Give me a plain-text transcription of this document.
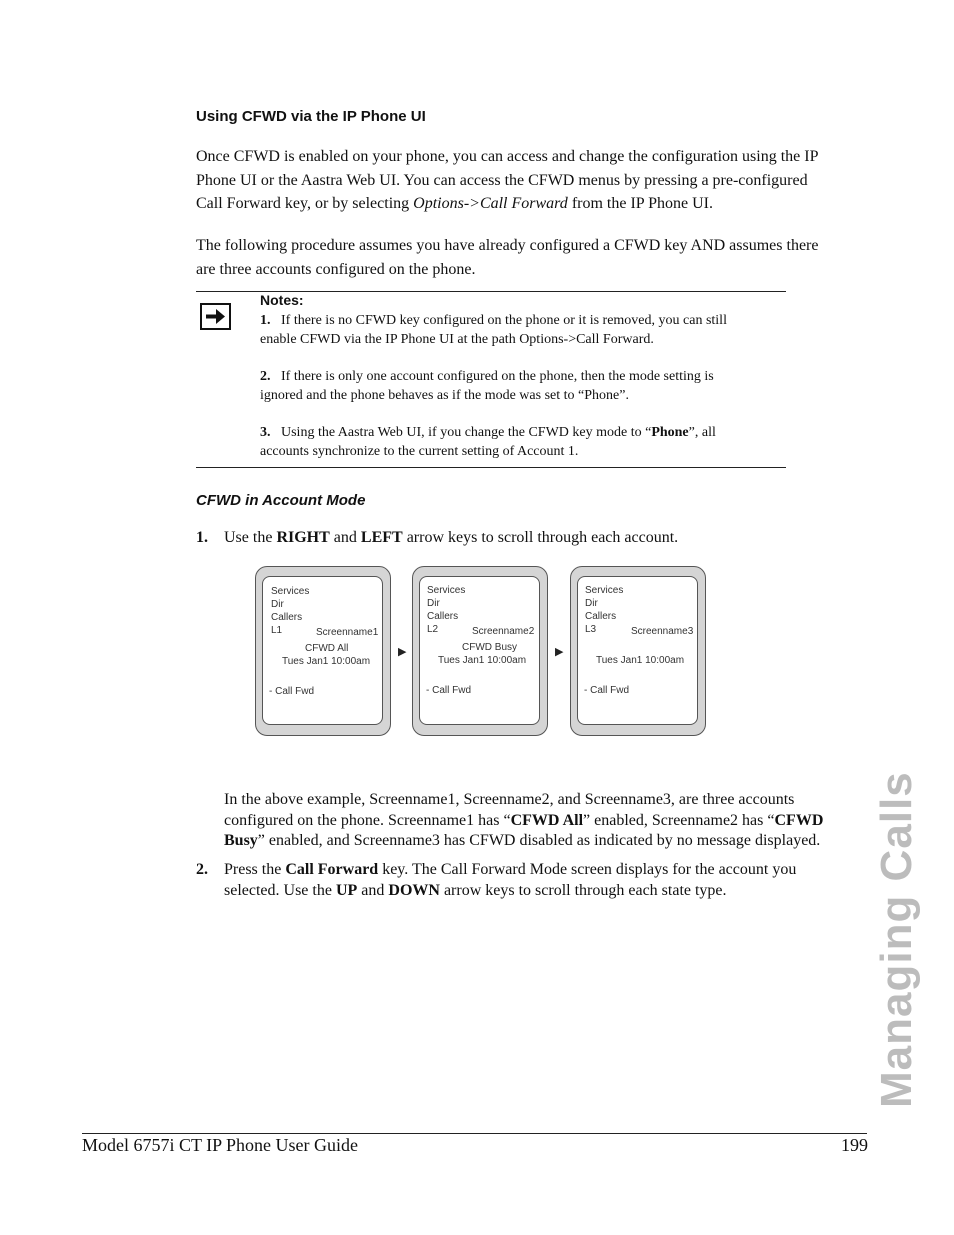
Using CFWD via the IP Phone UI
Once CFWD is enabled on your phone, you can access and change the configuration using the IP
Phone UI or the Aastra Web UI. You can access the CFWD menus by pressing a pre-configured
Call Forward key, or by selecting Options->Call Forward from the IP Phone UI.
The following procedure assumes you have already configured a CFWD key AND assumes there
are three accounts configured on the phone.
Notes:
1. If there is no CFWD key configured on the phone or it is removed, you can still
enable CFWD via the IP Phone UI at the path Options->Call Forward.
2. If there is only one account configured on the phone, then the mode setting is
ignored and the phone behaves as if the mode was set to “Phone”.
3. Using the Aastra Web UI, if you change the CFWD key mode to “Phone”, all
accounts synchronize to the current setting of Account 1.
CFWD in Account Mode
1. Use the RIGHT and LEFT arrow keys to scroll through each account.
Services
Dir
Callers
L1	Screenname1
CFWD All
Tues Jan1 10:00am
- Call Fwd
▶
Services
Dir
Callers
L2	Screenname2
CFWD Busy
Tues Jan1 10:00am
- Call Fwd
▶
Services
Dir
Callers
L3	Screenname3
Tues Jan1 10:00am
- Call Fwd
In the above example, Screenname1, Screenname2, and Screenname3, are three accounts
configured on the phone. Screenname1 has “CFWD All” enabled, Screenname2 has “CFWD
Busy” enabled, and Screenname3 has CFWD disabled as indicated by no message displayed.
2. Press the Call Forward key. The Call Forward Mode screen displays for the account you
selected. Use the UP and DOWN arrow keys to scroll through each state type.	Managing Calls
Model 6757i CT IP Phone User Guide	199
